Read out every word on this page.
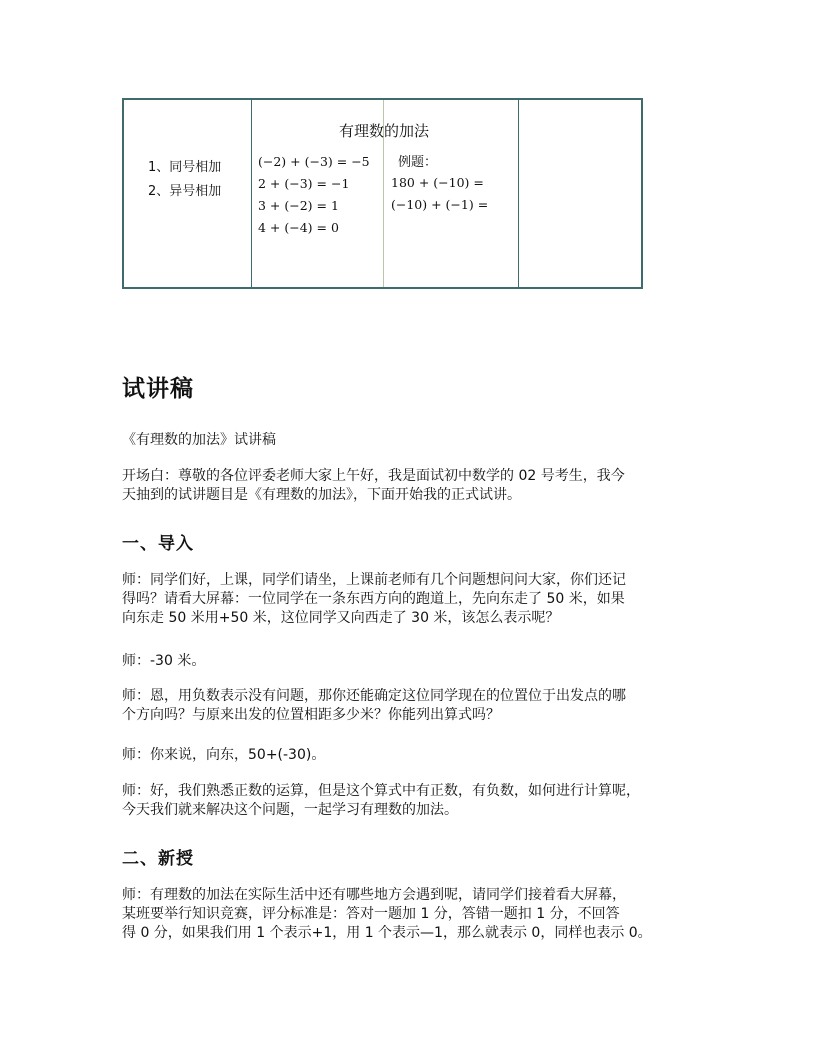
有理数的加法
1、同号相加
2、异号相加
(−2) + (−3) = −5
2 + (−3) = −1
3 + (−2) = 1
4 + (−4) = 0
例题：
180 + (−10) =
(−10) + (−1) =
试讲稿

《有理数的加法》试讲稿

开场白：尊敬的各位评委老师大家上午好，我是面试初中数学的 02 号考生，我今
天抽到的试讲题目是《有理数的加法》，下面开始我的正式试讲。

一、导入

师：同学们好，上课，同学们请坐，上课前老师有几个问题想问问大家，你们还记
得吗？请看大屏幕：一位同学在一条东西方向的跑道上，先向东走了 50 米，如果
向东走 50 米用+50 米，这位同学又向西走了 30 米，该怎么表示呢？

师：-30 米。

师：恩，用负数表示没有问题，那你还能确定这位同学现在的位置位于出发点的哪
个方向吗？与原来出发的位置相距多少米？你能列出算式吗？

师：你来说，向东，50+(-30)。

师：好，我们熟悉正数的运算，但是这个算式中有正数，有负数，如何进行计算呢，
今天我们就来解决这个问题，一起学习有理数的加法。

二、新授

师：有理数的加法在实际生活中还有哪些地方会遇到呢，请同学们接着看大屏幕，
某班要举行知识竞赛，评分标准是：答对一题加 1 分，答错一题扣 1 分，不回答
得 0 分，如果我们用 1 个表示+1，用 1 个表示—1，那么就表示 0，同样也表示 0。
